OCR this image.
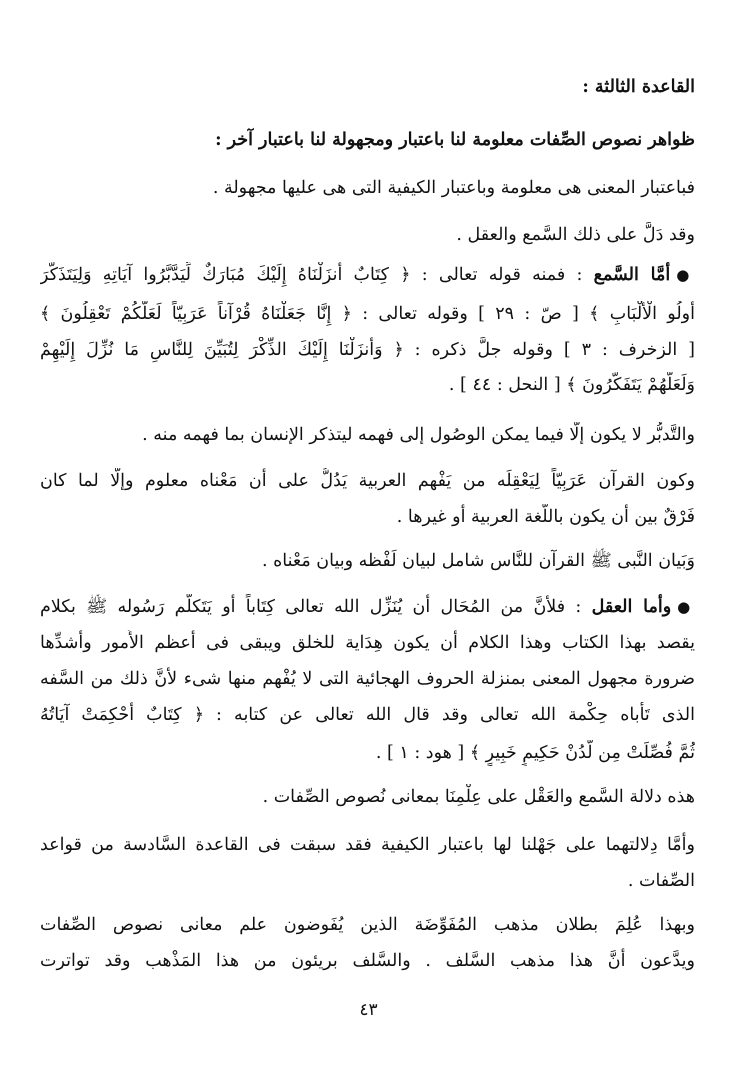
القاعدة الثالثة :
ظواهر نصوص الصِّفات معلومة لنا باعتبار ومجهولة لنا باعتبار آخر :
فباعتبار المعنى هى معلومة وباعتبار الكيفية التى هى عليها مجهولة .
وقد دَلَّ على ذلك السَّمع والعقل .
●أمَّا السَّمع : فمنه قوله تعالى : ﴿ كِتَابٌ أَنزَلْنَاهُ إِلَيْكَ مُبَارَكٌ لِّيَدَّبَّرُوا آيَاتِهِ وَلِيَتَذَكَّرَ
أُولُو الْأَلْبَابِ ﴾ [ صّ : ٢٩ ] وقوله تعالى : ﴿ إِنَّا جَعَلْنَاهُ قُرْآناً عَرَبِيّاً لَعَلَّكُمْ تَعْقِلُونَ ﴾
[ الزخرف : ٣ ] وقوله جلَّ ذكره : ﴿ وَأَنزَلْنَا إِلَيْكَ الذِّكْرَ لِتُبَيِّنَ لِلنَّاسِ مَا نُزِّلَ إِلَيْهِمْ
وَلَعَلَّهُمْ يَتَفَكَّرُونَ ﴾ [ النحل : ٤٤ ] .
والتَّدبُّر لا يكون إلَّا فيما يمكن الوصُول إلى فهمه ليتذكر الإنسان بما فهمه منه .
وكون القرآن عَرَبِيّاً لِيَعْقِلَه من يَفْهم العربية يَدُلُّ على أن مَعْناه معلوم وإلَّا لما كان
فَرْقٌ بين أن يكون باللُّغة العربية أو غيرها .
وَبَيان النَّبى ﷺ القرآن للنَّاس شامل لبيان لَفْظه وبيان مَعْناه .
●وأما العقل : فلأنَّ من المُحَال أن يُنَزِّل الله تعالى كِتَاباً أو يَتَكلَّم رَسُوله ﷺ بكلام
يقصد بهذا الكتاب وهذا الكلام أن يكون هِدَاية للخلق ويبقى فى أعظم الأُمور وأشدِّها
ضرورة مجهول المعنى بمنزلة الحروف الهجائية التى لا يُفْهم منها شىء لأنَّ ذلك من السَّفه
الذى تَأْباه حِكْمة الله تعالى وقد قال الله تعالى عن كتابه : ﴿ كِتَابٌ أُحْكِمَتْ آيَاتُهُ
ثُمَّ فُصِّلَتْ مِن لَّدُنْ حَكِيمٍ خَبِيرٍ ﴾ [ هود : ١ ] .
هذه دلالة السَّمع والعَقْل على عِلْمِنَا بمعانى نُصوص الصِّفات .
وأمَّا دِلالتهما على جَهْلنا لها باعتبار الكيفية فقد سبقت فى القاعدة السَّادسة من قواعد
الصِّفات .
وبهذا عُلِمَ بطلان مذهب المُفَوِّضَة الذين يُفَوضون علم معانى نصوص الصِّفات
ويدَّعون أنَّ هذا مذهب السَّلف . والسَّلف بريئون من هذا المَذْهب وقد تواترت
٤٣
